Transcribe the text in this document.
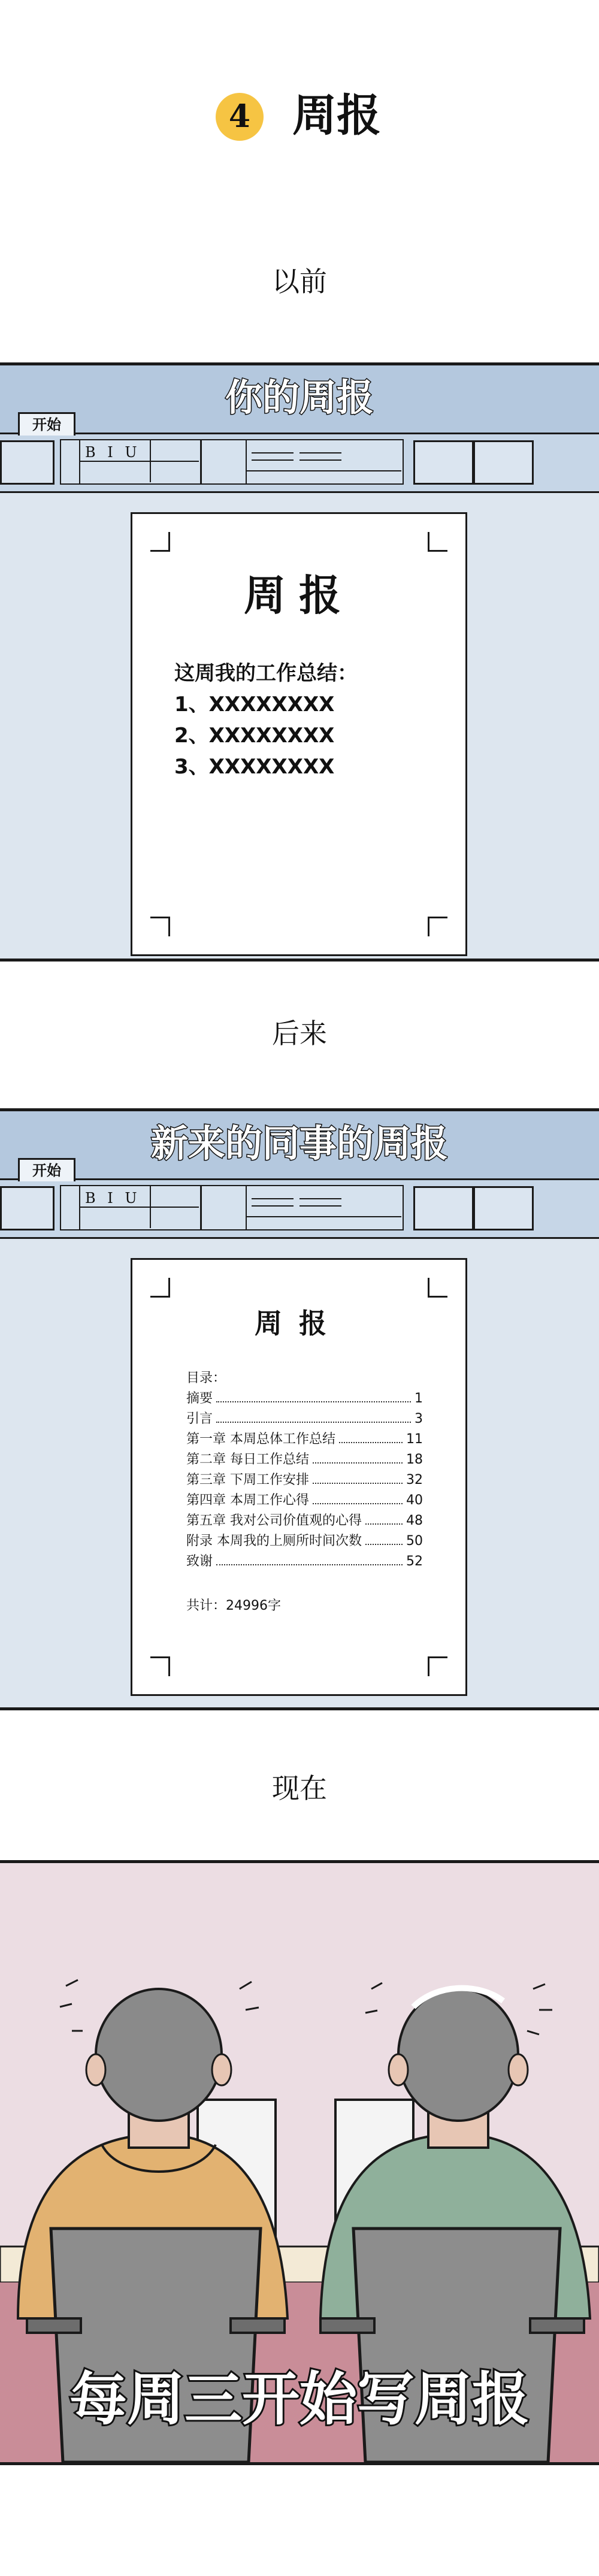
4 周报
以前
你的周报
B I U
开始
周报
这周我的工作总结：
1、XXXXXXXX
2、XXXXXXXX
3、XXXXXXXX
后来
新来的同事的周报
B I U
开始
周报
目录：
摘要	1
引言	3
第一章 本周总体工作总结	11
第二章 每日工作总结	18
第三章 下周工作安排	32
第四章 本周工作心得	40
第五章 我对公司价值观的心得	48
附录 本周我的上厕所时间次数	50
致谢	52
共计：24996字
现在
每周三开始写周报
